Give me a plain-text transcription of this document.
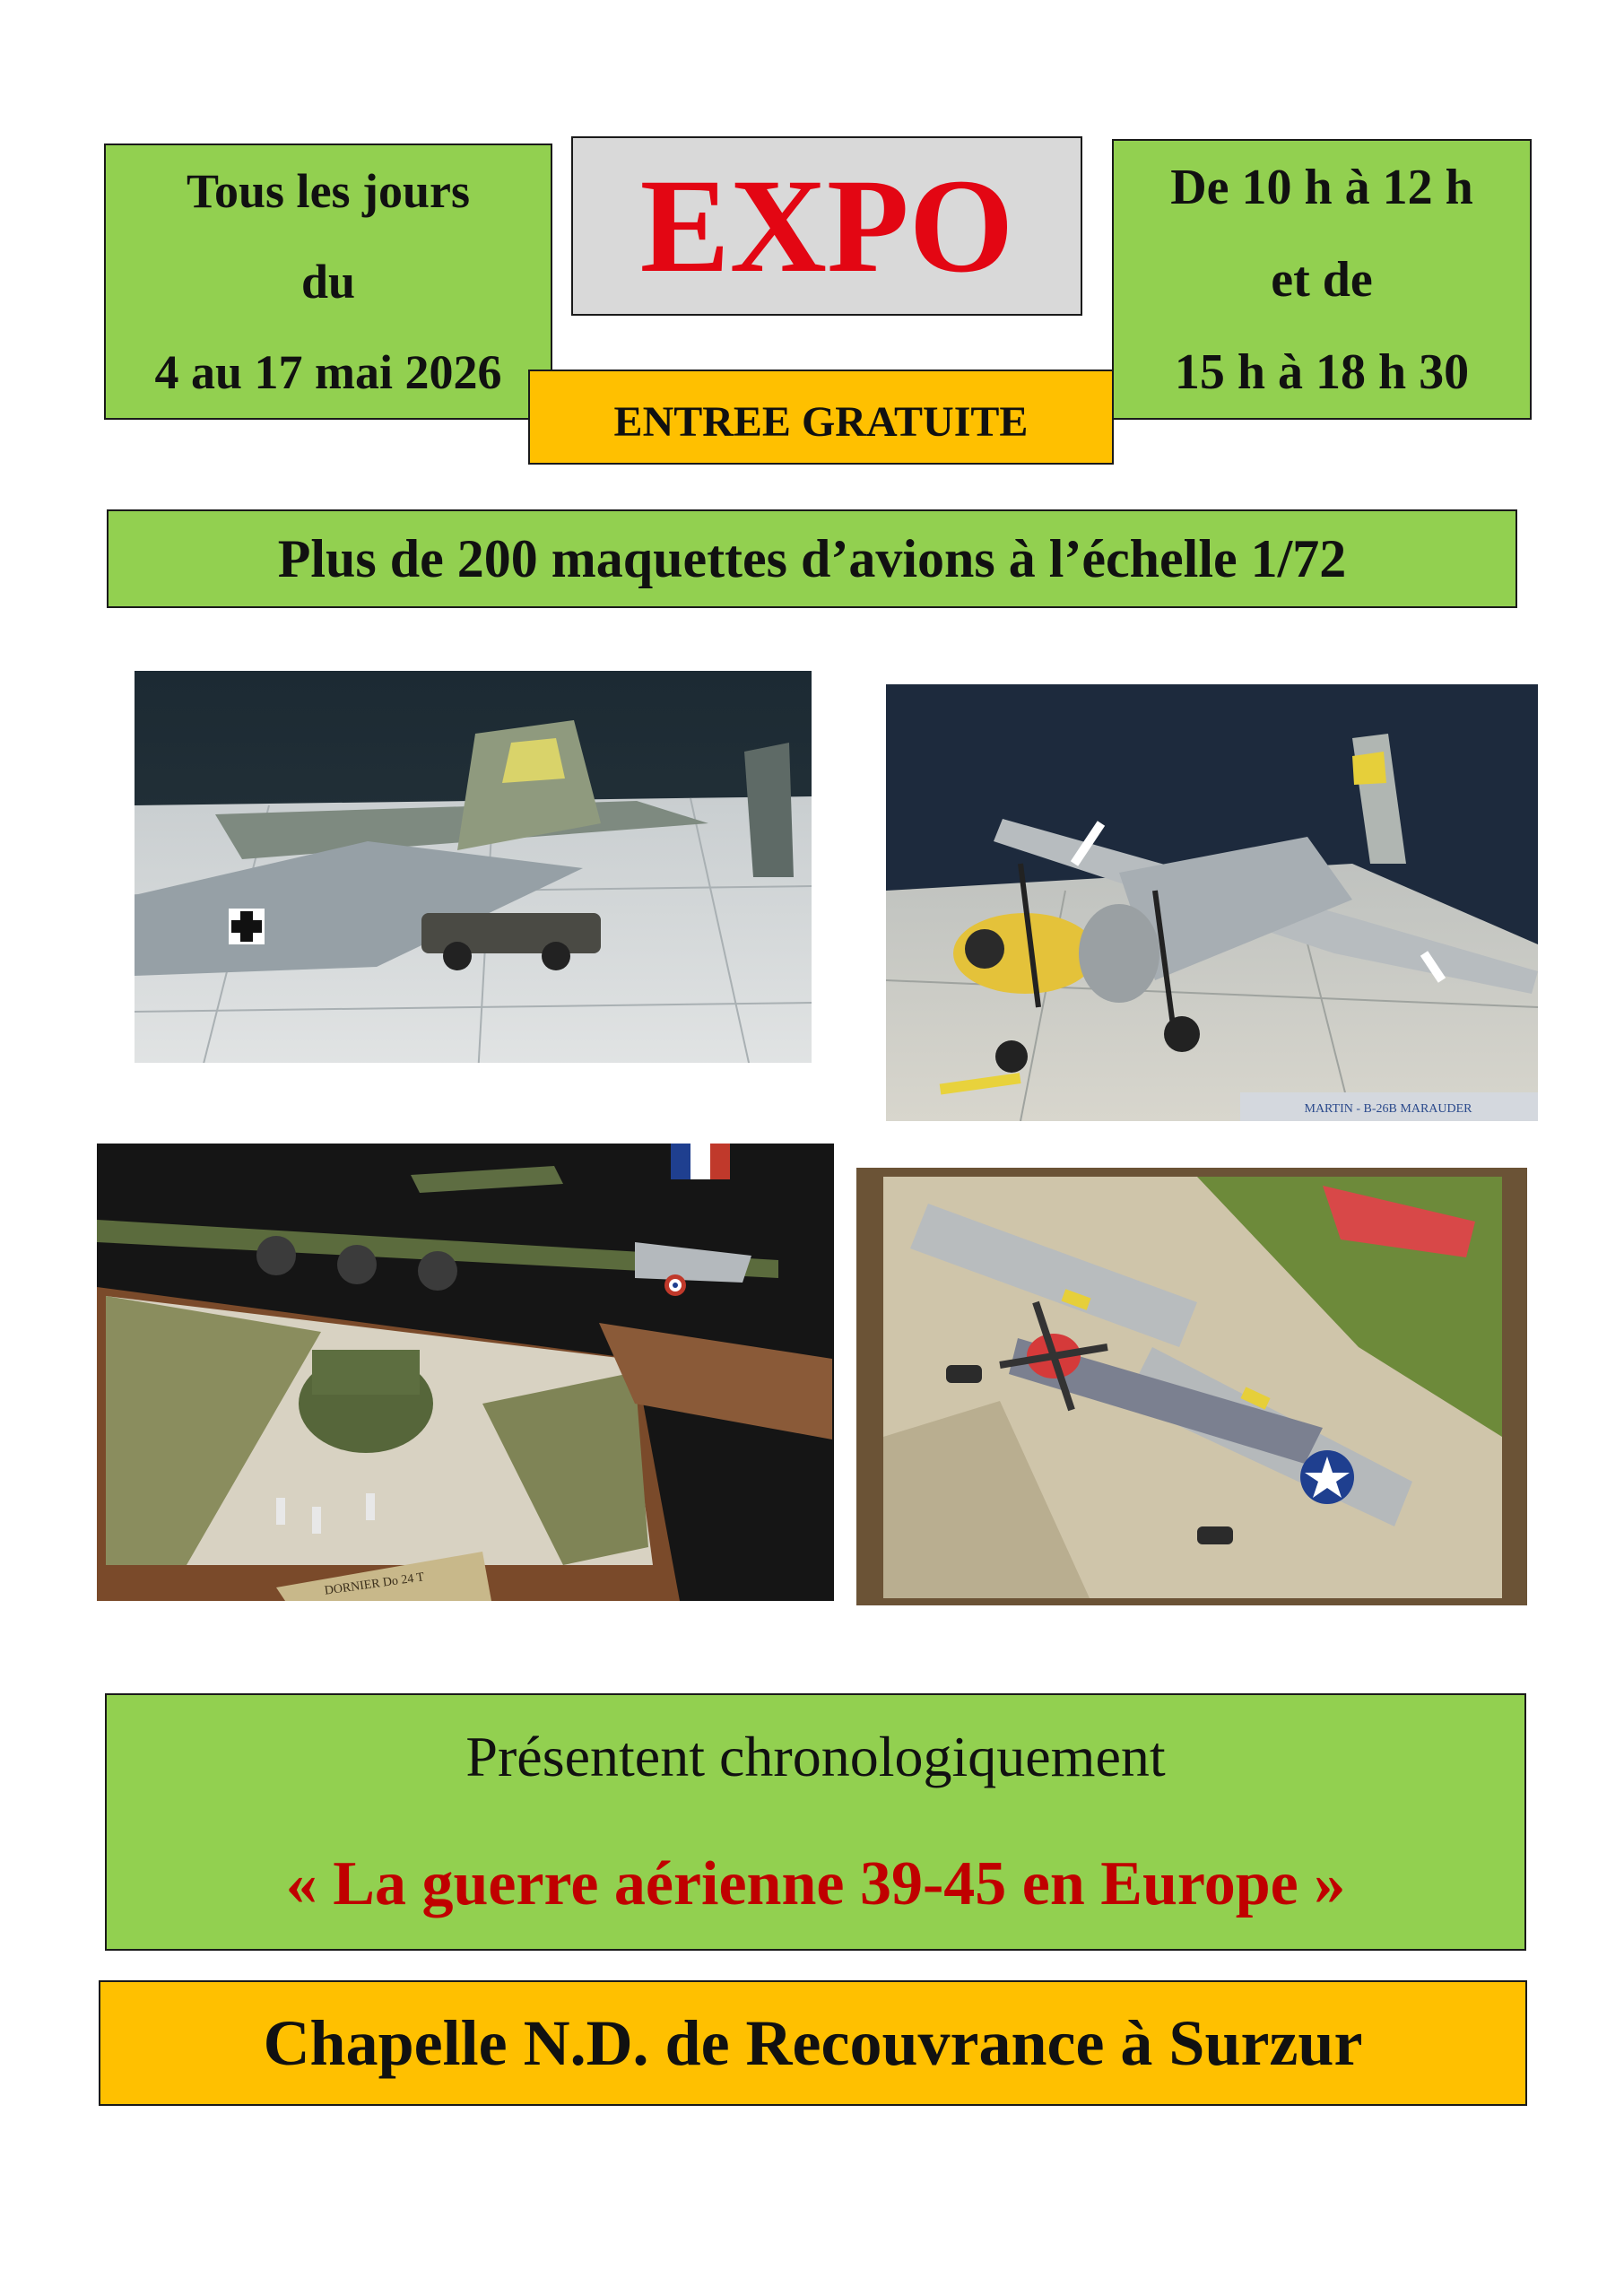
Tous les jours
du
4 au 17 mai 2026
EXPO
ENTREE GRATUITE
De 10 h à 12 h
et de
15 h à 18 h 30
Plus de 200 maquettes d’avions à l’échelle 1/72
MARTIN - B-26B MARAUDER
DORNIER Do 24 T
Présentent chronologiquement
« La guerre aérienne 39-45 en Europe »
Chapelle N.D. de Recouvrance à Surzur
